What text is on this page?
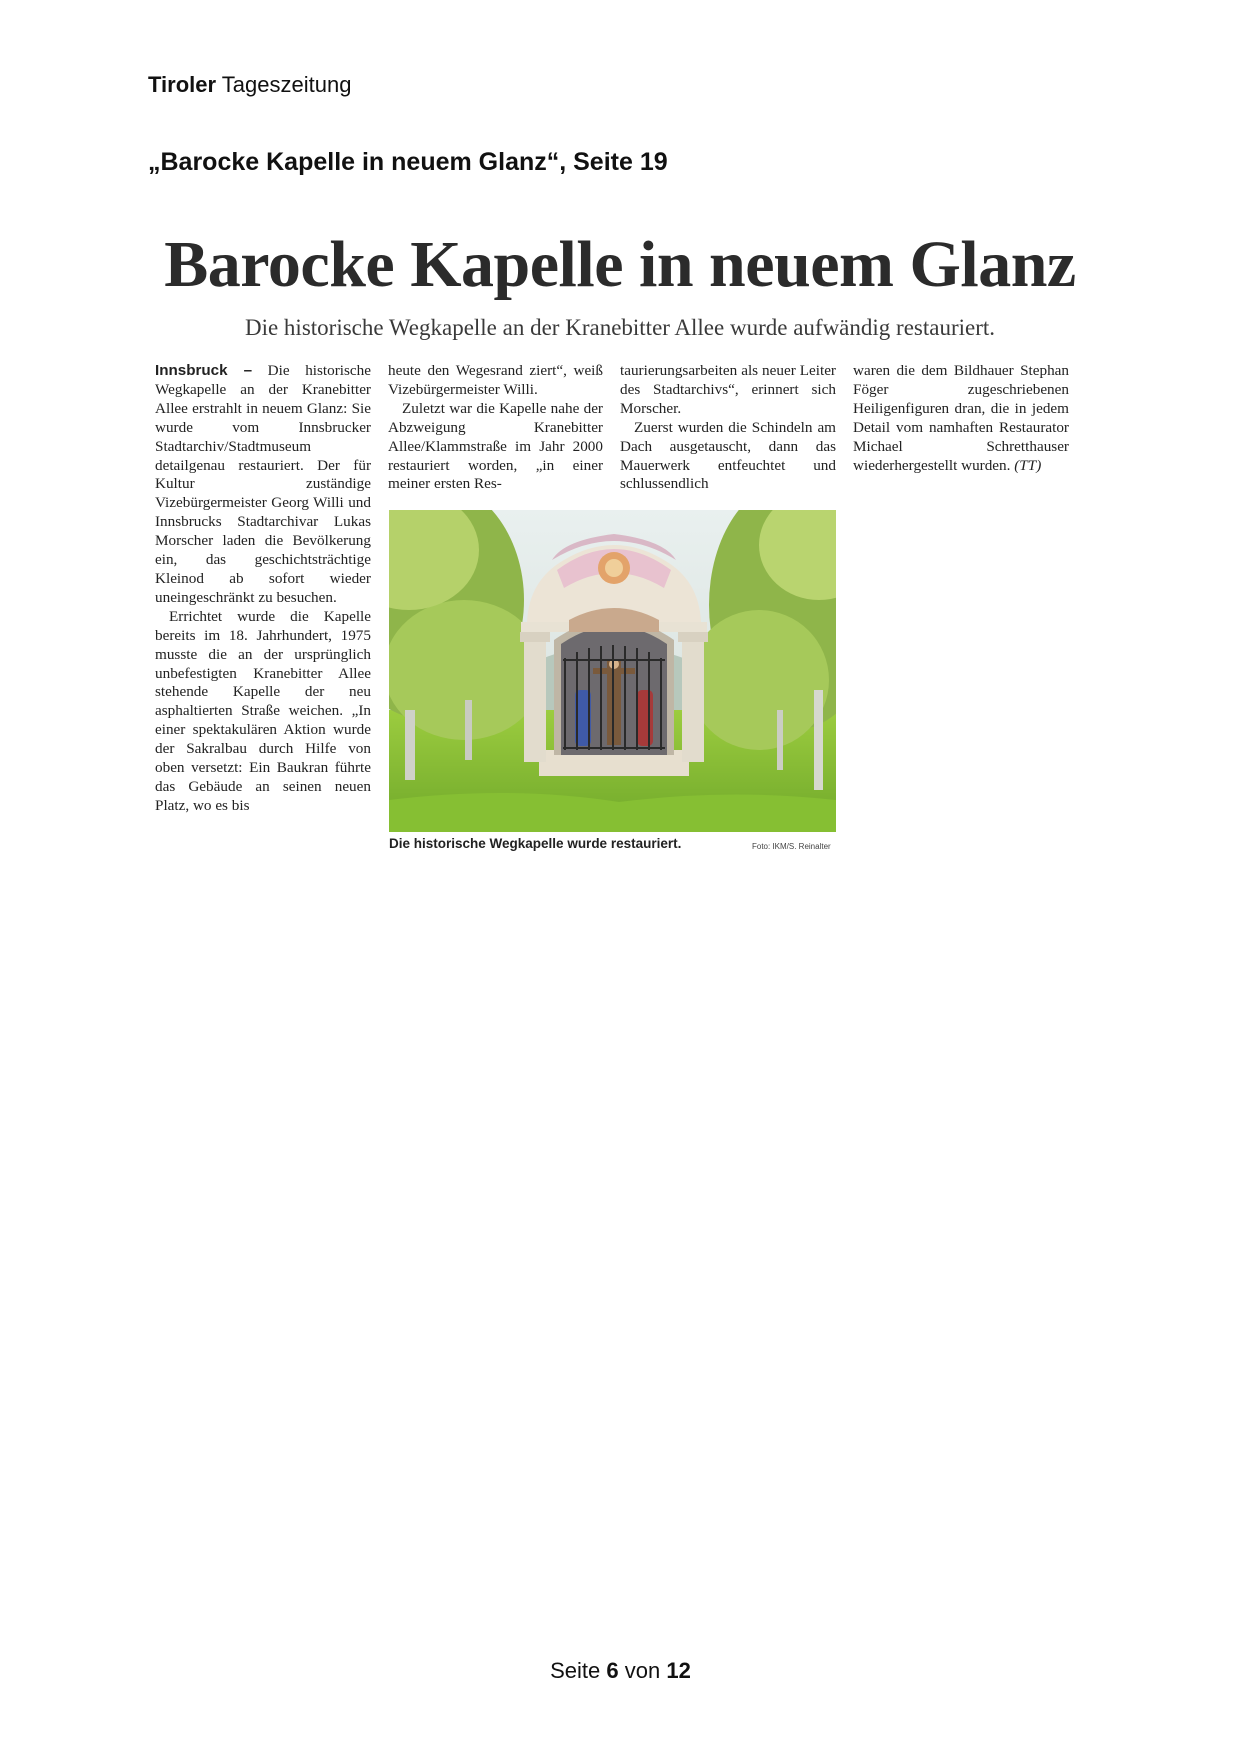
Tiroler Tageszeitung
„Barocke Kapelle in neuem Glanz“, Seite 19
Barocke Kapelle in neuem Glanz
Die historische Wegkapelle an der Kranebitter Allee wurde aufwändig restauriert.

Innsbruck – Die historische Wegkapelle an der Kranebitter Allee erstrahlt in neuem Glanz: Sie wurde vom Innsbrucker Stadtarchiv/Stadtmuseum detailgenau restauriert. Der für Kultur zuständige Vizebürgermeister Georg Willi und Innsbrucks Stadtarchivar Lukas Morscher laden die Bevölkerung ein, das geschichtsträchtige Kleinod ab sofort wieder uneingeschränkt zu besuchen.

Errichtet wurde die Kapelle bereits im 18. Jahrhundert, 1975 musste die an der ursprünglich unbefestigten Kranebitter Allee stehende Kapelle der neu asphaltierten Straße weichen. „In einer spektakulären Aktion wurde der Sakralbau durch Hilfe von oben versetzt: Ein Baukran führte das Gebäude an seinen neuen Platz, wo es bis

heute den Wegesrand ziert“, weiß Vizebürgermeister Willi.

Zuletzt war die Kapelle nahe der Abzweigung Kranebitter Allee/Klammstraße im Jahr 2000 restauriert worden, „in einer meiner ersten Res-

taurierungsarbeiten als neuer Leiter des Stadtarchivs“, erinnert sich Morscher.

Zuerst wurden die Schindeln am Dach ausgetauscht, dann das Mauerwerk entfeuchtet und schlussendlich

waren die dem Bildhauer Stephan Föger zugeschriebenen Heiligenfiguren dran, die in jedem Detail vom namhaften Restaurator Michael Schretthauser wiederhergestellt wurden. (TT)

Die historische Wegkapelle wurde restauriert.	Foto: IKM/S. Reinalter
Seite 6 von 12
